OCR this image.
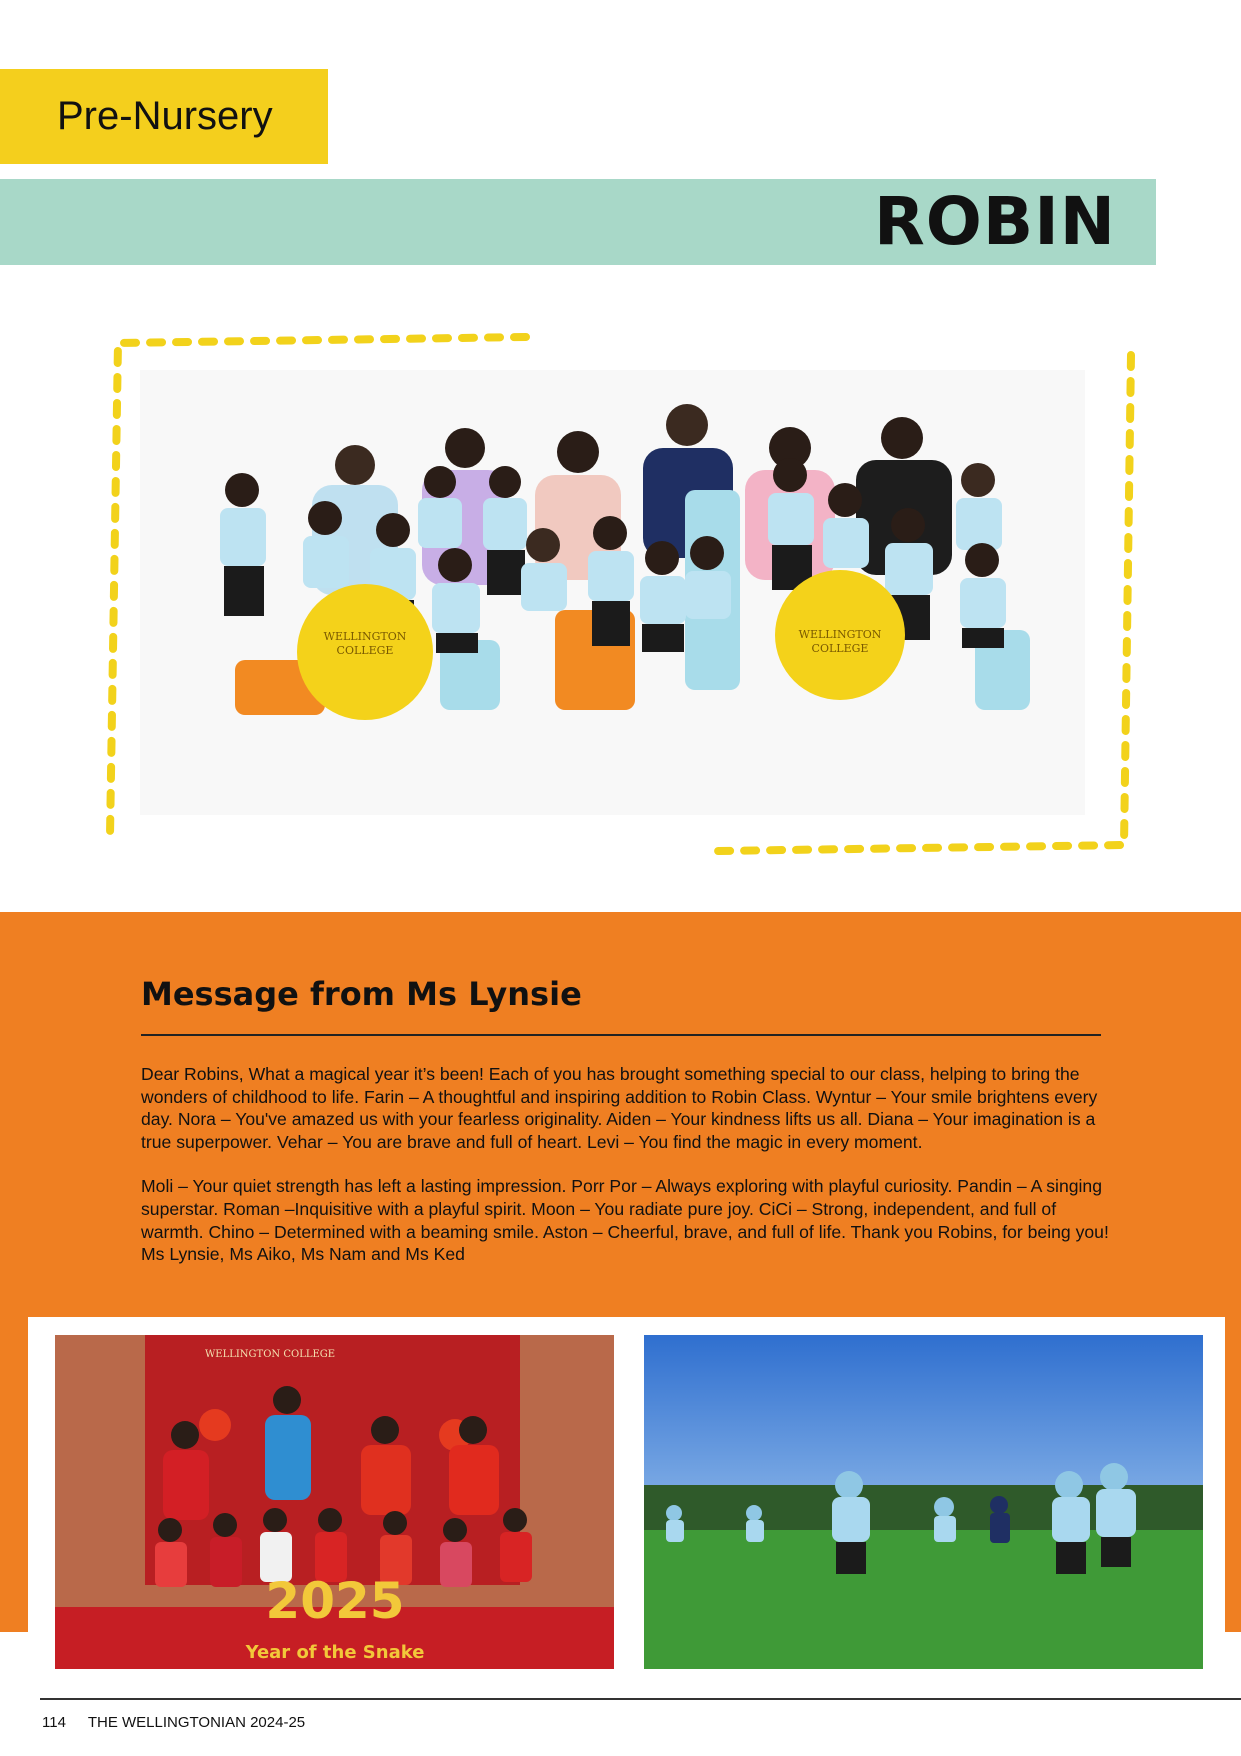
Pre-Nursery
ROBIN
WELLINGTON
COLLEGE
WELLINGTON
COLLEGE
Message from Ms Lynsie

Dear Robins, What a magical year it’s been! Each of you has brought something special to our class, helping to bring the wonders of childhood to life. Farin – A thoughtful and inspiring addition to Robin Class. Wyntur – Your smile brightens every day. Nora – You've amazed us with your fearless originality. Aiden – Your kindness lifts us all. Diana – Your imagination is a true superpower. Vehar – You are brave and full of heart. Levi – You find the magic in every moment.

Moli – Your quiet strength has left a lasting impression. Porr Por – Always exploring with playful curiosity. Pandin – A singing superstar. Roman –Inquisitive with a playful spirit. Moon – You radiate pure joy. CiCi – Strong, independent, and full of warmth. Chino – Determined with a beaming smile. Aston – Cheerful, brave, and full of life. Thank you Robins, for being you! Ms Lynsie, Ms Aiko, Ms Nam and Ms Ked

WELLINGTON COLLEGE
2025
Year of the Snake
114 THE WELLINGTONIAN 2024-25
